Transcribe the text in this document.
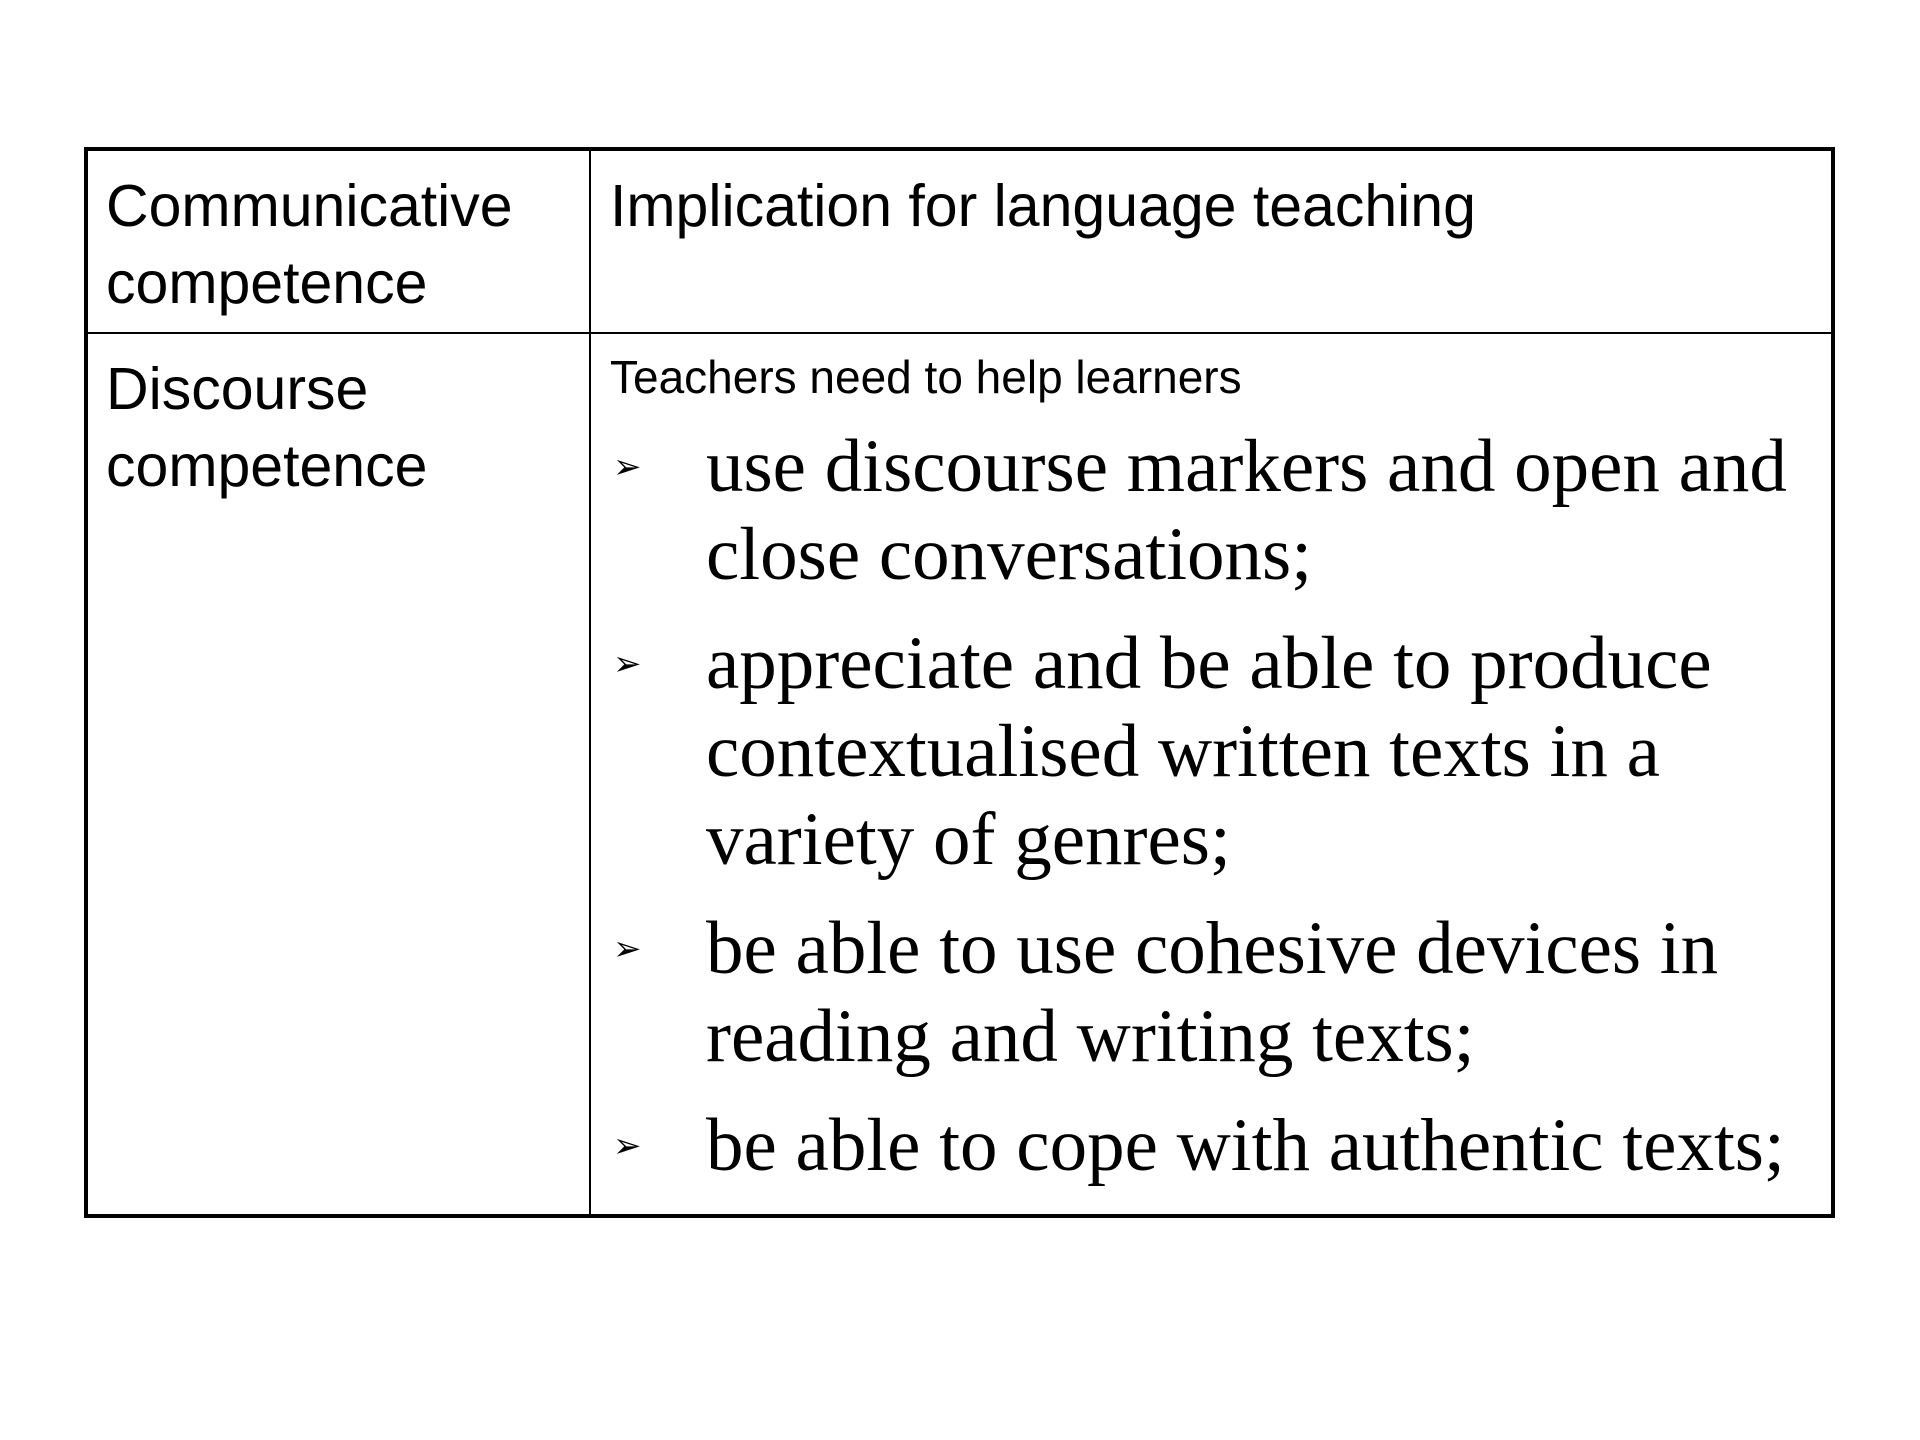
Communicative competence

Implication for language teaching

Discourse competence

Teachers need to help learners

➢ use discourse markers and open and close conversations;
➢ appreciate and be able to produce contextualised written texts in a variety of genres;
➢ be able to use cohesive devices in reading and writing texts;
➢ be able to cope with authentic texts;
